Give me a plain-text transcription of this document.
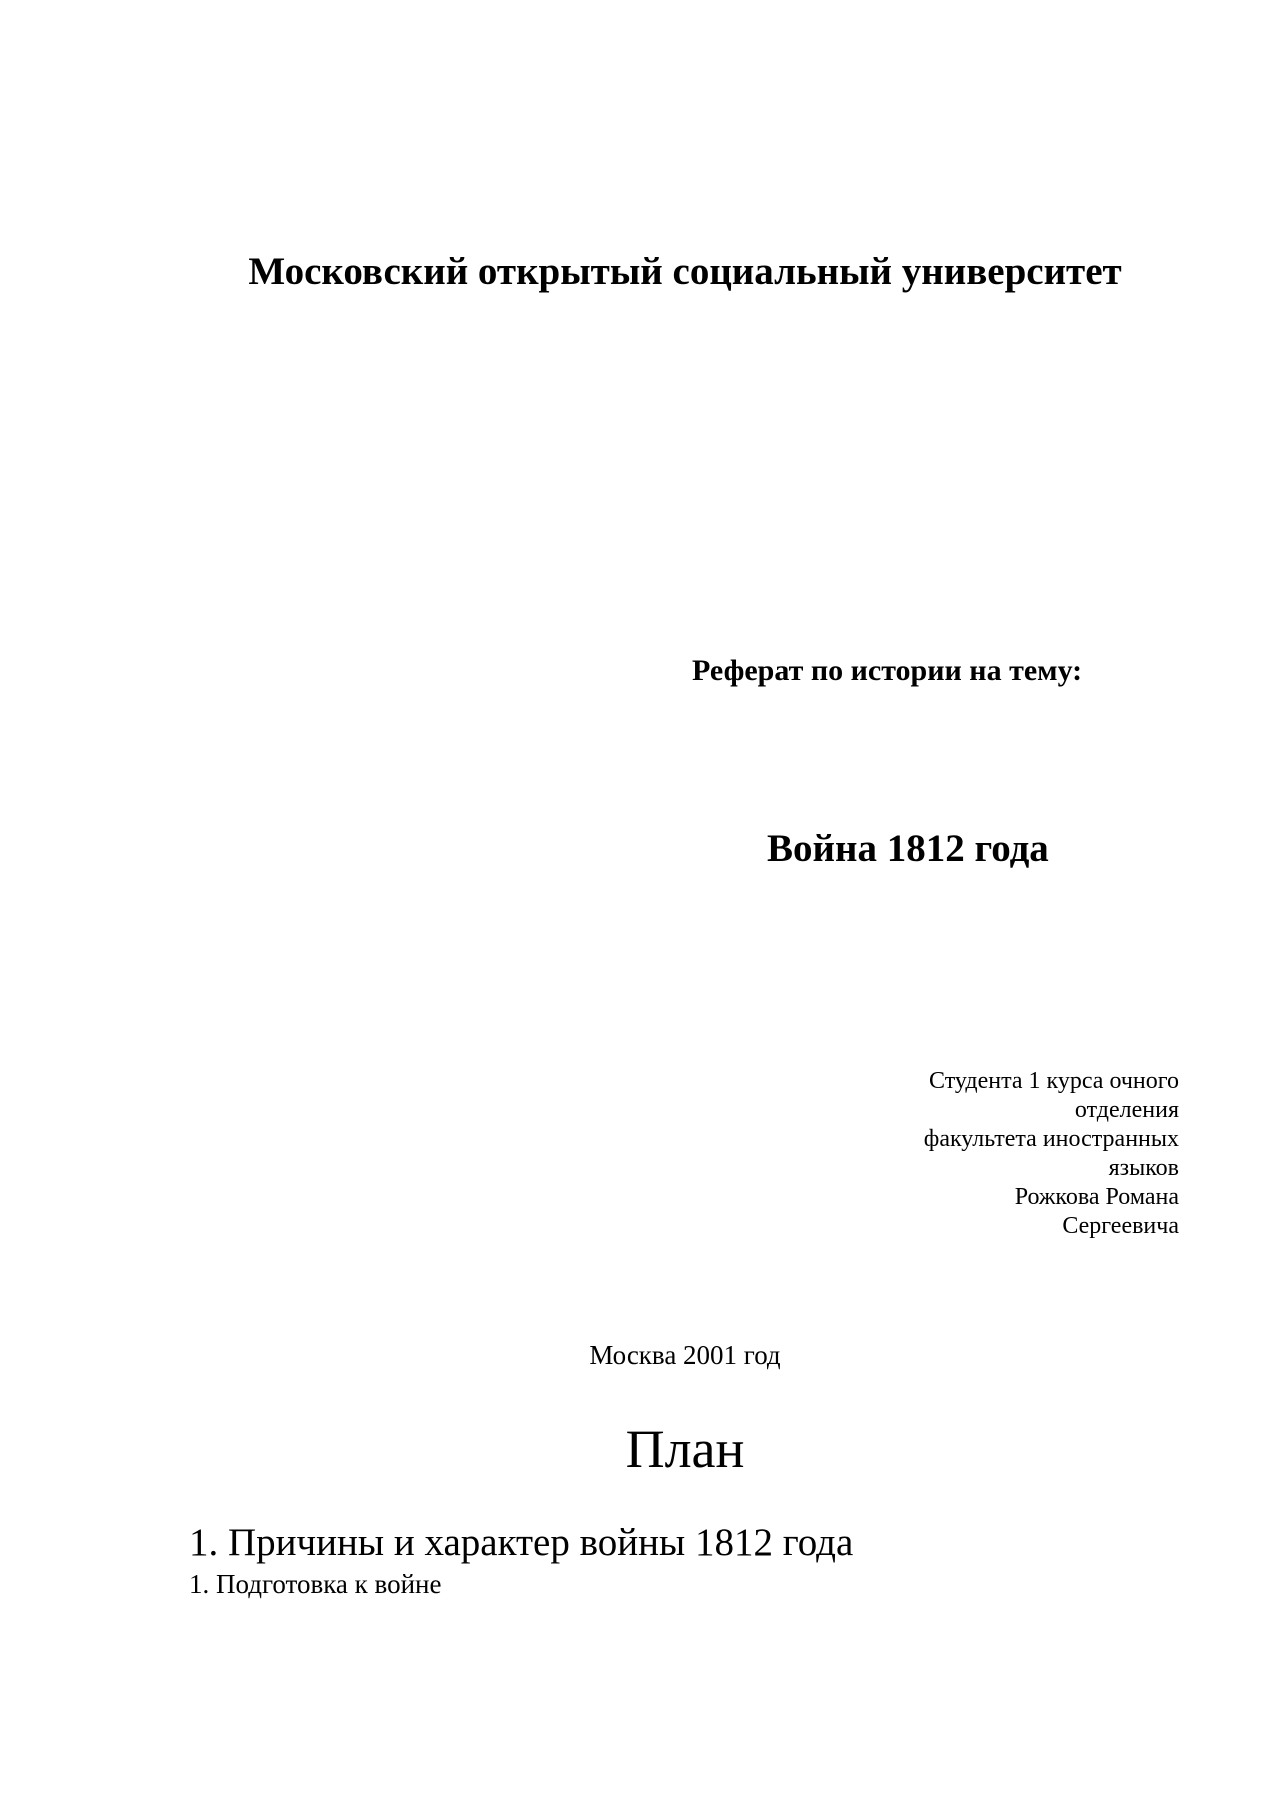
Московский открытый социальный университет
Реферат по истории на тему:
Война 1812 года
Студента 1 курса очного
отделения
факультета иностранных
языков
Рожкова Романа
Сергеевича

Москва 2001 год

План
1. Причины и характер войны 1812 года
1. Подготовка к войне
